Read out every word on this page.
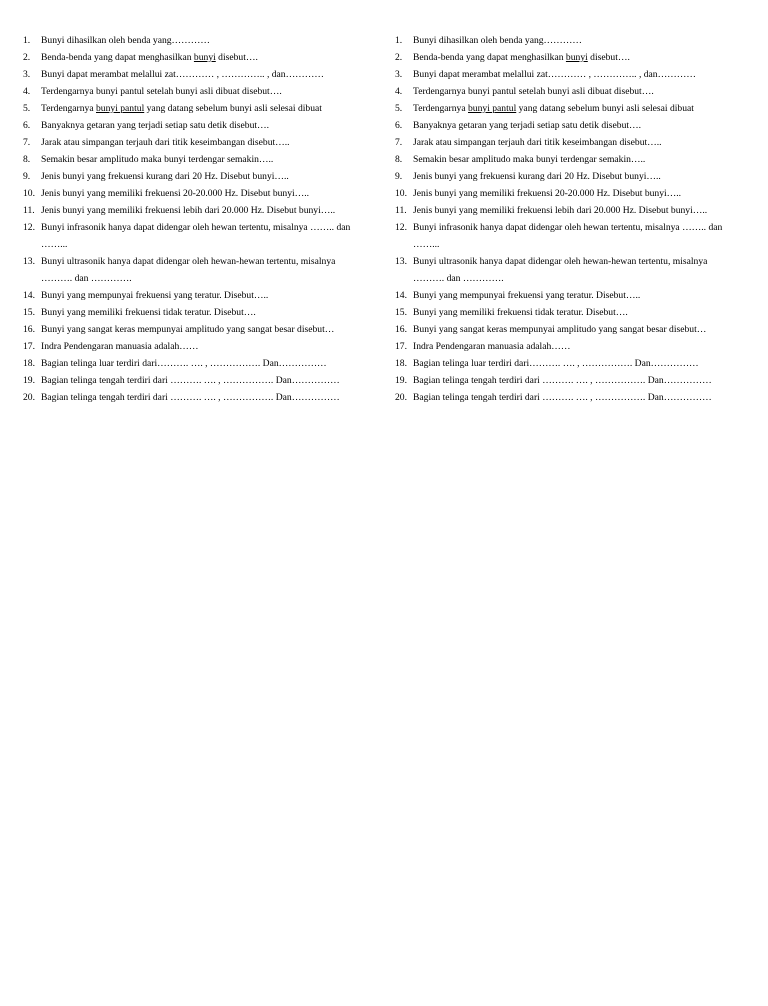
1.	Bunyi dihasilkan oleh benda yang…………
2.	Benda-benda yang dapat menghasilkan bunyi disebut….
3.	Bunyi dapat merambat melallui zat………… , ………….. , dan…………
4.	Terdengarnya bunyi pantul setelah bunyi asli dibuat disebut….
5.	Terdengarnya bunyi pantul yang datang sebelum bunyi asli selesai dibuat
6.	Banyaknya getaran yang terjadi setiap satu detik disebut….
7.	Jarak atau simpangan terjauh dari titik keseimbangan disebut…..
8.	Semakin besar amplitudo maka bunyi terdengar semakin…..
9.	Jenis bunyi yang frekuensi kurang dari 20 Hz. Disebut bunyi…..
10. Jenis bunyi yang memiliki frekuensi 20-20.000 Hz. Disebut bunyi…..
11. Jenis bunyi yang memiliki frekuensi lebih dari 20.000 Hz. Disebut bunyi…..
12. Bunyi infrasonik hanya dapat didengar oleh hewan tertentu, misalnya …….. dan
……...
13. Bunyi ultrasonik hanya dapat didengar oleh hewan-hewan tertentu, misalnya
………. dan ………….
14. Bunyi yang mempunyai frekuensi yang teratur. Disebut…..
15. Bunyi yang memiliki frekuensi tidak teratur. Disebut….
16. Bunyi yang sangat keras mempunyai amplitudo yang sangat besar disebut…
17. Indra Pendengaran manuasia adalah……
18. Bagian telinga luar terdiri dari………. …. , ……………. Dan……………
19. Bagian telinga tengah terdiri dari ………. …. , ……………. Dan……………
20. Bagian telinga tengah terdiri dari ………. …. , ……………. Dan……………
1.	Bunyi dihasilkan oleh benda yang…………
2.	Benda-benda yang dapat menghasilkan bunyi disebut….
3.	Bunyi dapat merambat melallui zat………… , ………….. , dan…………
4.	Terdengarnya bunyi pantul setelah bunyi asli dibuat disebut….
5.	Terdengarnya bunyi pantul yang datang sebelum bunyi asli selesai dibuat
6.	Banyaknya getaran yang terjadi setiap satu detik disebut….
7.	Jarak atau simpangan terjauh dari titik keseimbangan disebut…..
8.	Semakin besar amplitudo maka bunyi terdengar semakin…..
9.	Jenis bunyi yang frekuensi kurang dari 20 Hz. Disebut bunyi…..
10. Jenis bunyi yang memiliki frekuensi 20-20.000 Hz. Disebut bunyi…..
11. Jenis bunyi yang memiliki frekuensi lebih dari 20.000 Hz. Disebut bunyi…..
12. Bunyi infrasonik hanya dapat didengar oleh hewan tertentu, misalnya …….. dan
……...
13. Bunyi ultrasonik hanya dapat didengar oleh hewan-hewan tertentu, misalnya
………. dan ………….
14. Bunyi yang mempunyai frekuensi yang teratur. Disebut…..
15. Bunyi yang memiliki frekuensi tidak teratur. Disebut….
16. Bunyi yang sangat keras mempunyai amplitudo yang sangat besar disebut…
17. Indra Pendengaran manuasia adalah……
18. Bagian telinga luar terdiri dari………. …. , ……………. Dan……………
19. Bagian telinga tengah terdiri dari ………. …. , ……………. Dan……………
20. Bagian telinga tengah terdiri dari ………. …. , ……………. Dan……………
